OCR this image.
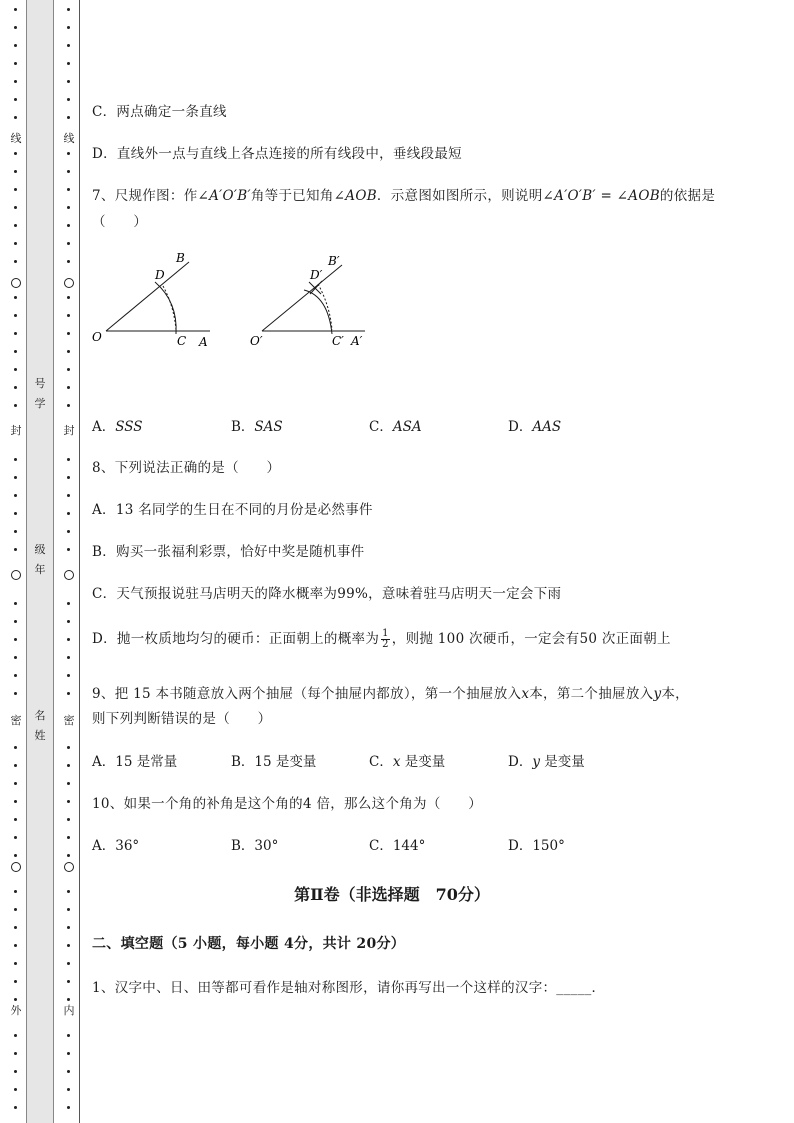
线
封
密
外
号
学
级
年
名
姓
线
封
密
内
C．两点确定一条直线
D．直线外一点与直线上各点连接的所有线段中，垂线段最短
7、尺规作图：作∠A′O′B′角等于已知角∠AOB．示意图如图所示，则说明∠A′O′B′ = ∠AOB的依据是
（　　）
B
D
O	C A
B′
D′
O′	C′ A′
A．SSS	B．SAS	C．ASA	D．AAS
8、下列说法正确的是（　　）
A．13 名同学的生日在不同的月份是必然事件
B．购买一张福利彩票，恰好中奖是随机事件
C．天气预报说驻马店明天的降水概率为99%，意味着驻马店明天一定会下雨
D．抛一枚质地均匀的硬币：正面朝上的概率为 $\frac{1}{2}$ ，则抛 100 次硬币，一定会有50 次正面朝上
9、把 15 本书随意放入两个抽屉（每个抽屉内都放），第一个抽屉放入x本，第二个抽屉放入y本，
则下列判断错误的是（　　）
A．15 是常量	B．15 是变量	C．x 是变量	D．y 是变量
10、如果一个角的补角是这个角的4 倍，那么这个角为（　　）
A．36°	B．30°	C．144°	D．150°
第Ⅱ卷（非选择题　70分）
二、填空题（5 小题，每小题 4分，共计 20分）
1、汉字中、日、田等都可看作是轴对称图形，请你再写出一个这样的汉字：_____．
